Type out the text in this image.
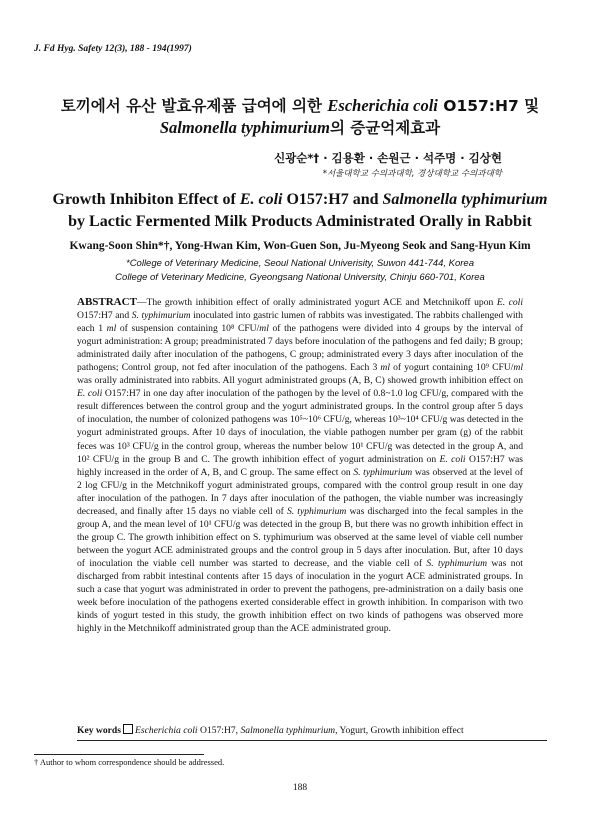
J. Fd Hyg. Safety 12(3), 188 - 194(1997)
토끼에서 유산 발효유제품 급여에 의한 Escherichia coli O157:H7 및
Salmonella typhimurium의 증균억제효과
신광순*† · 김용환 · 손원근 · 석주명 · 김상현
*서울대학교 수의과대학, 경상대학교 수의과대학
Growth Inhibiton Effect of E. coli O157:H7 and Salmonella typhimurium
by Lactic Fermented Milk Products Administrated Orally in Rabbit
Kwang-Soon Shin*†, Yong-Hwan Kim, Won-Guen Son, Ju-Myeong Seok and Sang-Hyun Kim
*College of Veterinary Medicine, Seoul National Univerisity, Suwon 441-744, Korea
College of Veterinary Medicine, Gyeongsang National University, Chinju 660-701, Korea
ABSTRACT—The growth inhibition effect of orally administrated yogurt ACE and Metchnikoff upon E. coli O157:H7 and S. typhimurium inoculated into gastric lumen of rabbits was investigated. The rabbits challenged with each 1 ml of suspension containing 10⁸ CFU/ml of the pathogens were divided into 4 groups by the interval of yogurt administration: A group; preadministrated 7 days before inoculation of the pathogens and fed daily; B group; administrated daily after inoculation of the pathogens, C group; administrated every 3 days after inoculation of the pathogens; Control group, not fed after inoculation of the pathogens. Each 3 ml of yogurt containing 10⁹ CFU/ml was orally administrated into rabbits. All yogurt administrated groups (A, B, C) showed growth inhibition effect on E. coli O157:H7 in one day after inoculation of the pathogen by the level of 0.8~1.0 log CFU/g, compared with the result differences between the control group and the yogurt administrated groups. In the control group after 5 days of inoculation, the number of colonized pathogens was 10⁵~10⁶ CFU/g, whereas 10³~10⁴ CFU/g was detected in the yogurt administrated groups. After 10 days of inoculation, the viable pathogen number per gram (g) of the rabbit feces was 10³ CFU/g in the control group, whereas the number below 10¹ CFU/g was detected in the group A, and 10² CFU/g in the group B and C. The growth inhibition effect of yogurt administration on E. coli O157:H7 was highly increased in the order of A, B, and C group. The same effect on S. typhimurium was observed at the level of 2 log CFU/g in the Metchnikoff yogurt administrated groups, compared with the control group result in one day after inoculation of the pathogen. In 7 days after inoculation of the pathogen, the viable number was increasingly decreased, and finally after 15 days no viable cell of S. typhimurium was discharged into the fecal samples in the group A, and the mean level of 10¹ CFU/g was detected in the group B, but there was no growth inhibition effect in the group C. The growth inhibition effect on S. typhimurium was observed at the same level of viable cell number between the yogurt ACE administrated groups and the control group in 5 days after inoculation. But, after 10 days of inoculation the viable cell number was started to decrease, and the viable cell of S. typhimurium was not discharged from rabbit intestinal contents after 15 days of inoculation in the yogurt ACE administrated groups. In such a case that yogurt was administrated in order to prevent the pathogens, pre-administration on a daily basis one week before inoculation of the pathogens exerted considerable effect in growth inhibition. In comparison with two kinds of yogurt tested in this study, the growth inhibition effect on two kinds of pathogens was observed more highly in the Metchnikoff administrated group than the ACE administrated group.
Key words Escherichia coli O157:H7, Salmonella typhimurium, Yogurt, Growth inhibition effect
† Author to whom correspondence should be addressed.
188
